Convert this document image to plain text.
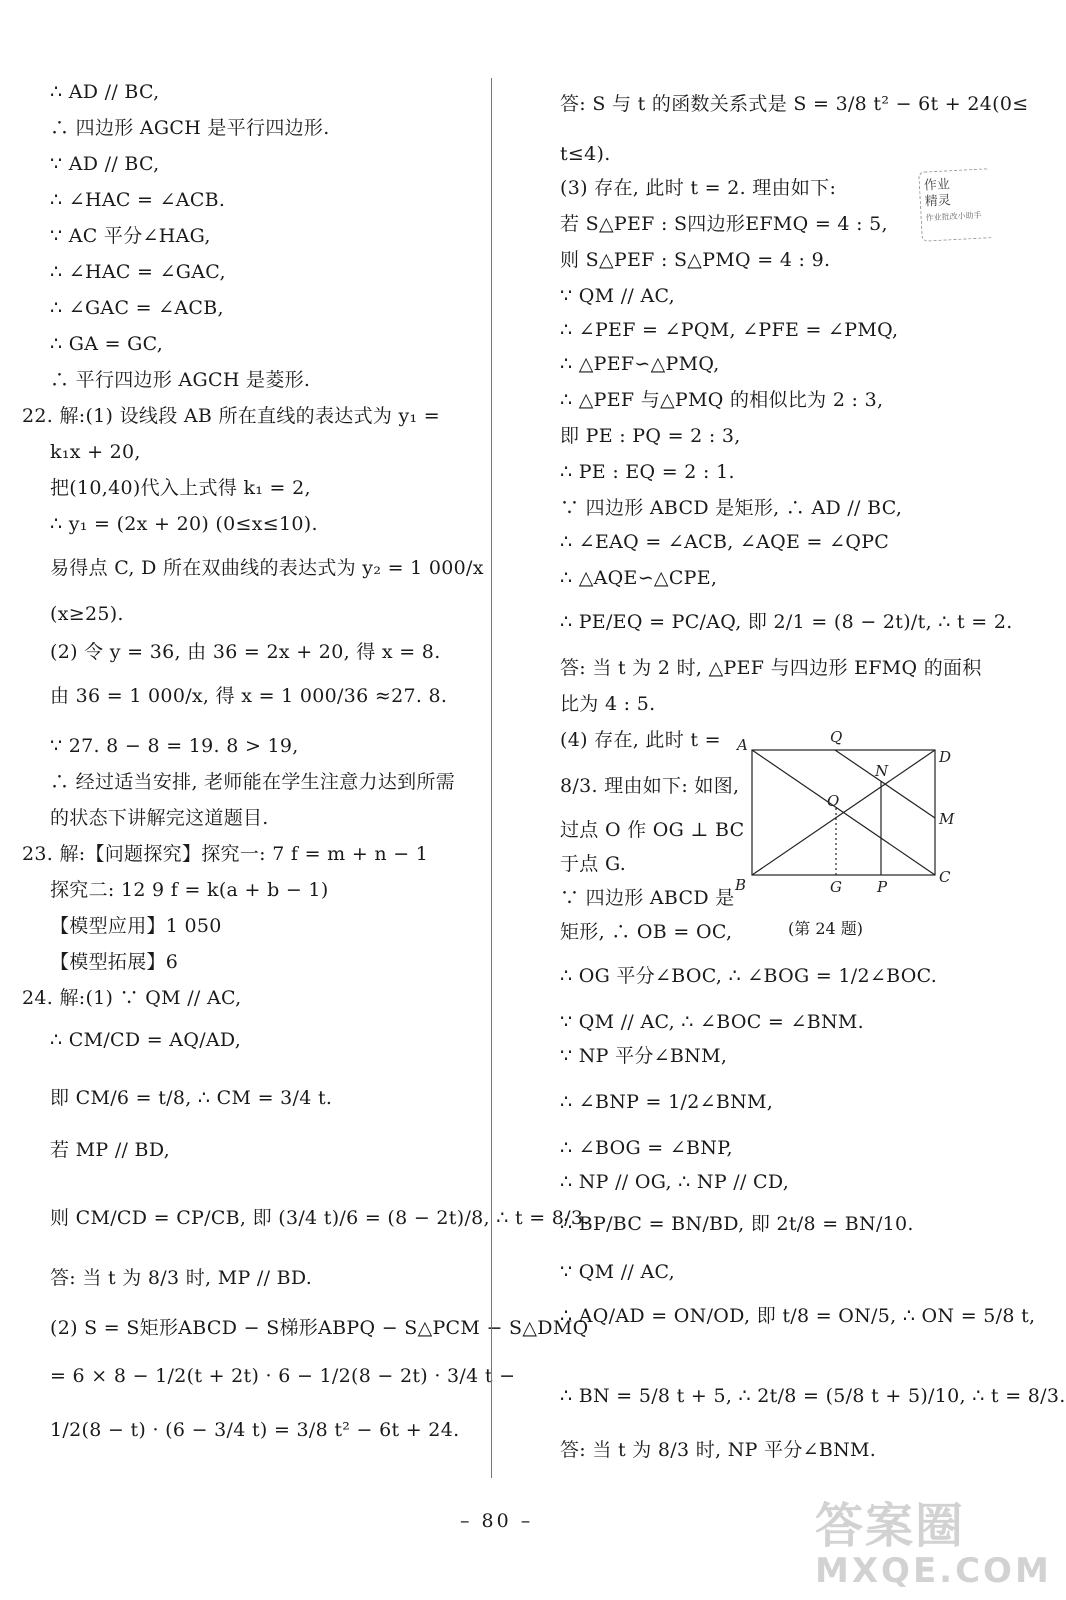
∴ AD // BC,
∴ 四边形 AGCH 是平行四边形.
∵ AD // BC,
∴ ∠HAC = ∠ACB.
∵ AC 平分∠HAG,
∴ ∠HAC = ∠GAC,
∴ ∠GAC = ∠ACB,
∴ GA = GC,
∴ 平行四边形 AGCH 是菱形.
22. 解:(1) 设线段 AB 所在直线的表达式为 y₁ =
k₁x + 20,
把(10,40)代入上式得 k₁ = 2,
∴ y₁ = (2x + 20) (0≤x≤10).
易得点 C, D 所在双曲线的表达式为 y₂ = 1 000/x
(x≥25).
(2) 令 y = 36, 由 36 = 2x + 20, 得 x = 8.
由 36 = 1 000/x, 得 x = 1 000/36 ≈27. 8.
∵ 27. 8 − 8 = 19. 8 > 19,
∴ 经过适当安排, 老师能在学生注意力达到所需
的状态下讲解完这道题目.
23. 解:【问题探究】探究一: 7 f = m + n − 1
探究二: 12 9 f = k(a + b − 1)
【模型应用】1 050
【模型拓展】6
24. 解:(1) ∵ QM // AC,
∴ CM/CD = AQ/AD,
即 CM/6 = t/8, ∴ CM = 3/4 t.
若 MP // BD,
则 CM/CD = CP/CB, 即 (3/4 t)/6 = (8 − 2t)/8, ∴ t = 8/3.
答: 当 t 为 8/3 时, MP // BD.
(2) S = S矩形ABCD − S梯形ABPQ − S△PCM − S△DMQ
= 6 × 8 − 1/2(t + 2t) · 6 − 1/2(8 − 2t) · 3/4 t −
1/2(8 − t) · (6 − 3/4 t) = 3/8 t² − 6t + 24.
答: S 与 t 的函数关系式是 S = 3/8 t² − 6t + 24(0≤
t≤4).
(3) 存在, 此时 t = 2. 理由如下:
若 S△PEF : S四边形EFMQ = 4 : 5,
则 S△PEF : S△PMQ = 4 : 9.
∵ QM // AC,
∴ ∠PEF = ∠PQM, ∠PFE = ∠PMQ,
∴ △PEF∽△PMQ,
∴ △PEF 与△PMQ 的相似比为 2 : 3,
即 PE : PQ = 2 : 3,
∴ PE : EQ = 2 : 1.
∵ 四边形 ABCD 是矩形, ∴ AD // BC,
∴ ∠EAQ = ∠ACB, ∠AQE = ∠QPC
∴ △AQE∽△CPE,
∴ PE/EQ = PC/AQ, 即 2/1 = (8 − 2t)/t, ∴ t = 2.
答: 当 t 为 2 时, △PEF 与四边形 EFMQ 的面积
比为 4 : 5.
(4) 存在, 此时 t =
8/3. 理由如下: 如图,
过点 O 作 OG ⊥ BC
于点 G.
∵ 四边形 ABCD 是
矩形, ∴ OB = OC,
∴ OG 平分∠BOC, ∴ ∠BOG = 1/2∠BOC.
∵ QM // AC, ∴ ∠BOC = ∠BNM.
∵ NP 平分∠BNM,
∴ ∠BNP = 1/2∠BNM,
∴ ∠BOG = ∠BNP,
∴ NP // OG, ∴ NP // CD,
∴ BP/BC = BN/BD, 即 2t/8 = BN/10.
∵ QM // AC,
∴ AQ/AD = ON/OD, 即 t/8 = ON/5, ∴ ON = 5/8 t,
∴ BN = 5/8 t + 5, ∴ 2t/8 = (5/8 t + 5)/10, ∴ t = 8/3.
答: 当 t 为 8/3 时, NP 平分∠BNM.
作业
精灵
作业批改小助手
A	Q
D
N
O
M
B	G P
C
(第 24 题)
– 80 –	答案圈
MXQE.COM
